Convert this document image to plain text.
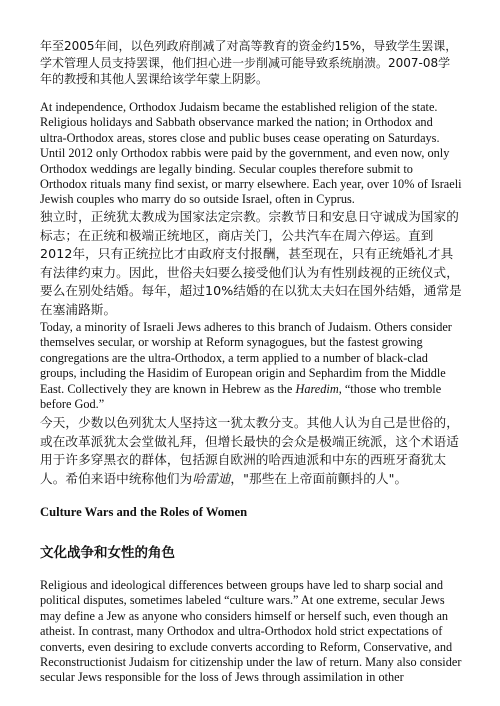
年至2005年间，以色列政府削减了对高等教育的资金约15%，导致学生罢课，学术管理人员支持罢课，他们担心进一步削减可能导致系统崩溃。2007-08学年的教授和其他人罢课给该学年蒙上阴影。

At independence, Orthodox Judaism became the established religion of the state. Religious holidays and Sabbath observance marked the nation; in Orthodox and ultra-Orthodox areas, stores close and public buses cease operating on Saturdays. Until 2012 only Orthodox rabbis were paid by the government, and even now, only Orthodox weddings are legally binding. Secular couples therefore submit to Orthodox rituals many find sexist, or marry elsewhere. Each year, over 10% of Israeli Jewish couples who marry do so outside Israel, often in Cyprus.

独立时，正统犹太教成为国家法定宗教。宗教节日和安息日守诚成为国家的标志；在正统和极端正统地区，商店关门，公共汽车在周六停运。直到2012年，只有正统拉比才由政府支付报酬，甚至现在，只有正统婚礼才具有法律约束力。因此，世俗夫妇要么接受他们认为有性别歧视的正统仪式，要么在别处结婚。每年，超过10%结婚的在以犹太夫妇在国外结婚，通常是在塞浦路斯。

Today, a minority of Israeli Jews adheres to this branch of Judaism. Others consider themselves secular, or worship at Reform synagogues, but the fastest growing congregations are the ultra-Orthodox, a term applied to a number of black-clad groups, including the Hasidim of European origin and Sephardim from the Middle East. Collectively they are known in Hebrew as the Haredim, “those who tremble before God.”

今天，少数以色列犹太人坚持这一犹太教分支。其他人认为自己是世俗的，或在改革派犹太会堂做礼拜，但增长最快的会众是极端正统派，这个术语适用于许多穿黑衣的群体，包括源自欧洲的哈西迪派和中东的西班牙裔犹太人。希伯来语中统称他们为哈雷迪，"那些在上帝面前颤抖的人"。

Culture Wars and the Roles of Women
文化战争和女性的角色

Religious and ideological differences between groups have led to sharp social and political disputes, sometimes labeled “culture wars.” At one extreme, secular Jews may define a Jew as anyone who considers himself or herself such, even though an atheist. In contrast, many Orthodox and ultra-Orthodox hold strict expectations of converts, even desiring to exclude converts according to Reform, Conservative, and Reconstructionist Judaism for citizenship under the law of return. Many also consider secular Jews responsible for the loss of Jews through assimilation in other
